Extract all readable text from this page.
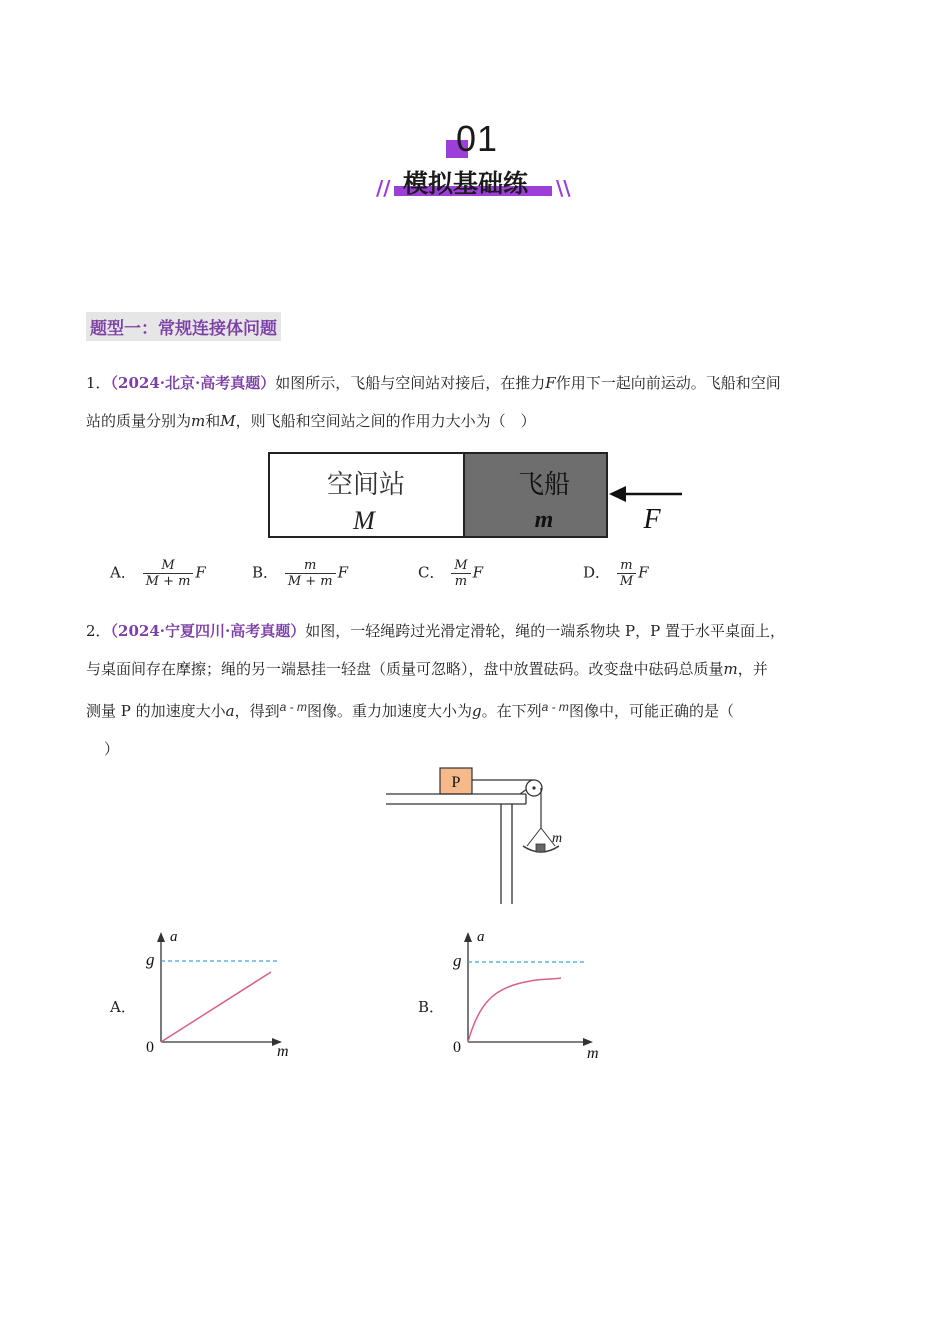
01
// 模拟基础练 \\
题型一：常规连接体问题
1．（2024·北京·高考真题）如图所示，飞船与空间站对接后，在推力F作用下一起向前运动。飞船和空间
站的质量分别为m和M，则飞船和空间站之间的作用力大小为（　）
空间站
M
飞船
m	F
A． $\frac{M}{M + m}$ F	B． $\frac{m}{M + m}$ F	C． $\frac{M}{m}$ F	D． $\frac{m}{M}$ F
2．（2024·宁夏四川·高考真题）如图，一轻绳跨过光滑定滑轮，绳的一端系物块 P，P 置于水平桌面上，
与桌面间存在摩擦；绳的另一端悬挂一轻盘（质量可忽略），盘中放置砝码。改变盘中砝码总质量m，并
测量 P 的加速度大小a，得到$^{a - m}$图像。重力加速度大小为g。在下列$^{a - m}$图像中，可能正确的是（
）
P
m
A．
a
g
0	m
B．
a
g
0	m
